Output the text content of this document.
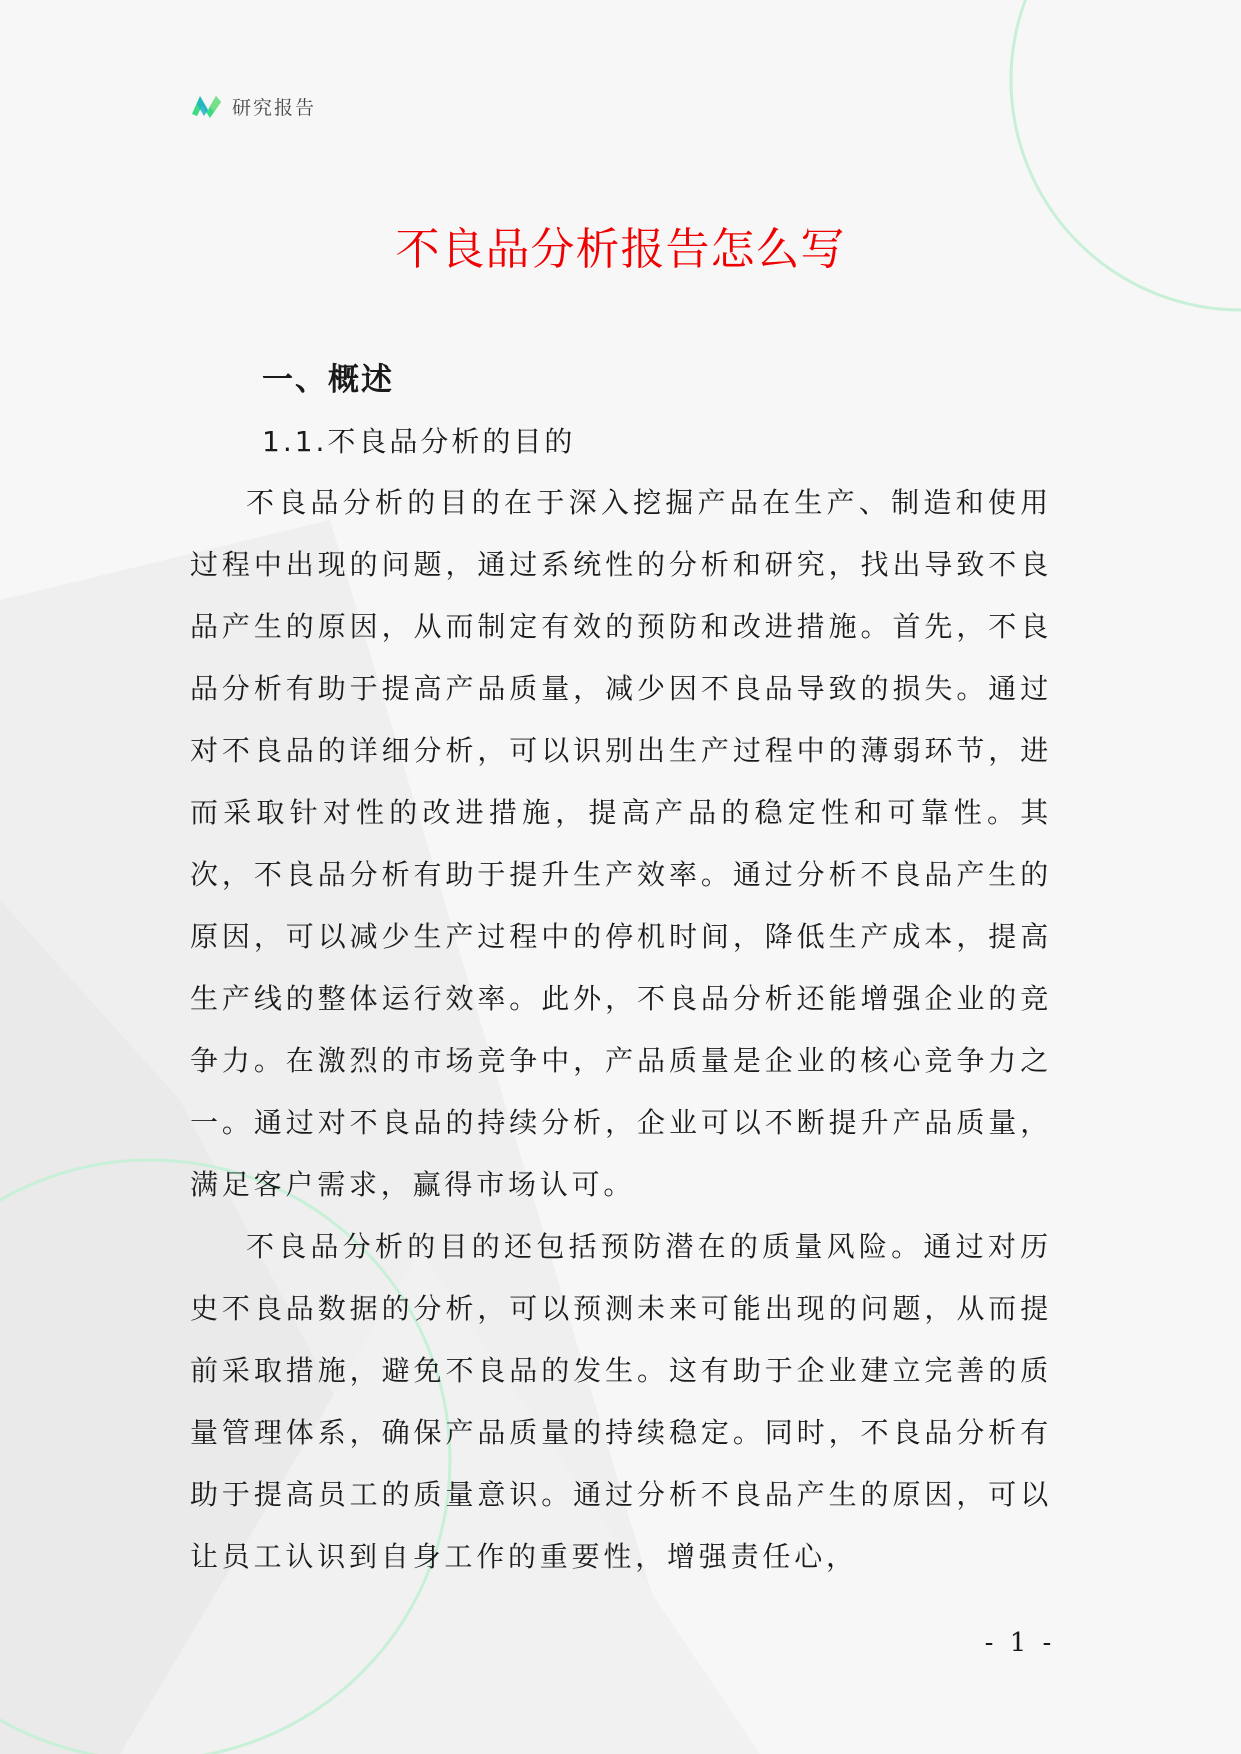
研究报告
不良品分析报告怎么写
一、概述
1.1.不良品分析的目的

不良品分析的目的在于深入挖掘产品在生产、制造和使用过程中出现的问题，通过系统性的分析和研究，找出导致不良品产生的原因，从而制定有效的预防和改进措施。首先，不良品分析有助于提高产品质量，减少因不良品导致的损失。通过对不良品的详细分析，可以识别出生产过程中的薄弱环节，进而采取针对性的改进措施，提高产品的稳定性和可靠性。其次，不良品分析有助于提升生产效率。通过分析不良品产生的原因，可以减少生产过程中的停机时间，降低生产成本，提高生产线的整体运行效率。此外，不良品分析还能增强企业的竞争力。在激烈的市场竞争中，产品质量是企业的核心竞争力之一。通过对不良品的持续分析，企业可以不断提升产品质量，满足客户需求，赢得市场认可。

不良品分析的目的还包括预防潜在的质量风险。通过对历史不良品数据的分析，可以预测未来可能出现的问题，从而提前采取措施，避免不良品的发生。这有助于企业建立完善的质量管理体系，确保产品质量的持续稳定。同时，不良品分析有助于提高员工的质量意识。通过分析不良品产生的原因，可以让员工认识到自身工作的重要性，增强责任心，

- 1 -
